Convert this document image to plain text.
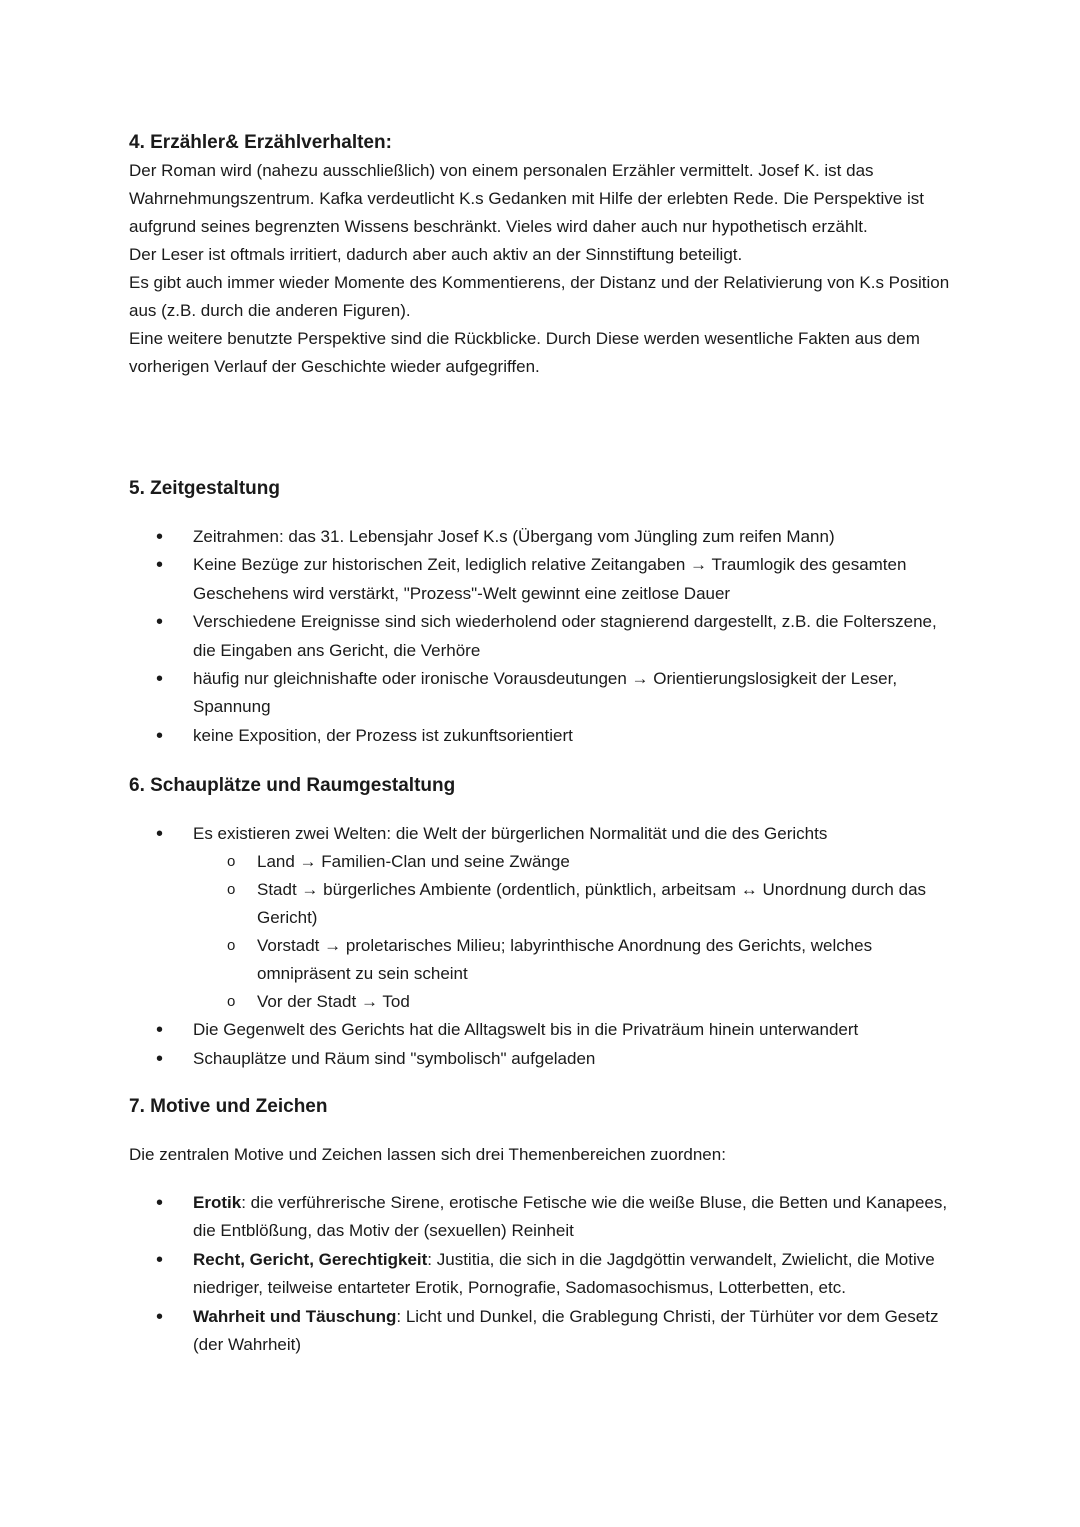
4. Erzähler& Erzählverhalten:

Der Roman wird (nahezu ausschließlich) von einem personalen Erzähler vermittelt. Josef K. ist das Wahrnehmungszentrum. Kafka verdeutlicht K.s Gedanken mit Hilfe der erlebten Rede. Die Perspektive ist aufgrund seines begrenzten Wissens beschränkt. Vieles wird daher auch nur hypothetisch erzählt.

Der Leser ist oftmals irritiert, dadurch aber auch aktiv an der Sinnstiftung beteiligt.

Es gibt auch immer wieder Momente des Kommentierens, der Distanz und der Relativierung von K.s Position aus (z.B. durch die anderen Figuren).

Eine weitere benutzte Perspektive sind die Rückblicke. Durch Diese werden wesentliche Fakten aus dem vorherigen Verlauf der Geschichte wieder aufgegriffen.

5. Zeitgestaltung
• Zeitrahmen: das 31. Lebensjahr Josef K.s (Übergang vom Jüngling zum reifen Mann)
• Keine Bezüge zur historischen Zeit, lediglich relative Zeitangaben → Traumlogik des gesamten Geschehens wird verstärkt, "Prozess"-Welt gewinnt eine zeitlose Dauer
• Verschiedene Ereignisse sind sich wiederholend oder stagnierend dargestellt, z.B. die Folterszene, die Eingaben ans Gericht, die Verhöre
• häufig nur gleichnishafte oder ironische Vorausdeutungen → Orientierungslosigkeit der Leser, Spannung
• keine Exposition, der Prozess ist zukunftsorientiert
6. Schauplätze und Raumgestaltung
• Es existieren zwei Welten: die Welt der bürgerlichen Normalität und die des Gerichts
o Land → Familien-Clan und seine Zwänge
o Stadt → bürgerliches Ambiente (ordentlich, pünktlich, arbeitsam ↔ Unordnung durch das Gericht)
o Vorstadt → proletarisches Milieu; labyrinthische Anordnung des Gerichts, welches omnipräsent zu sein scheint
o Vor der Stadt → Tod
• Die Gegenwelt des Gerichts hat die Alltagswelt bis in die Privaträum hinein unterwandert
• Schauplätze und Räum sind "symbolisch" aufgeladen
7. Motive und Zeichen

Die zentralen Motive und Zeichen lassen sich drei Themenbereichen zuordnen:

• Erotik: die verführerische Sirene, erotische Fetische wie die weiße Bluse, die Betten und Kanapees, die Entblößung, das Motiv der (sexuellen) Reinheit
• Recht, Gericht, Gerechtigkeit: Justitia, die sich in die Jagdgöttin verwandelt, Zwielicht, die Motive niedriger, teilweise entarteter Erotik, Pornografie, Sadomasochismus, Lotterbetten, etc.
• Wahrheit und Täuschung: Licht und Dunkel, die Grablegung Christi, der Türhüter vor dem Gesetz (der Wahrheit)
